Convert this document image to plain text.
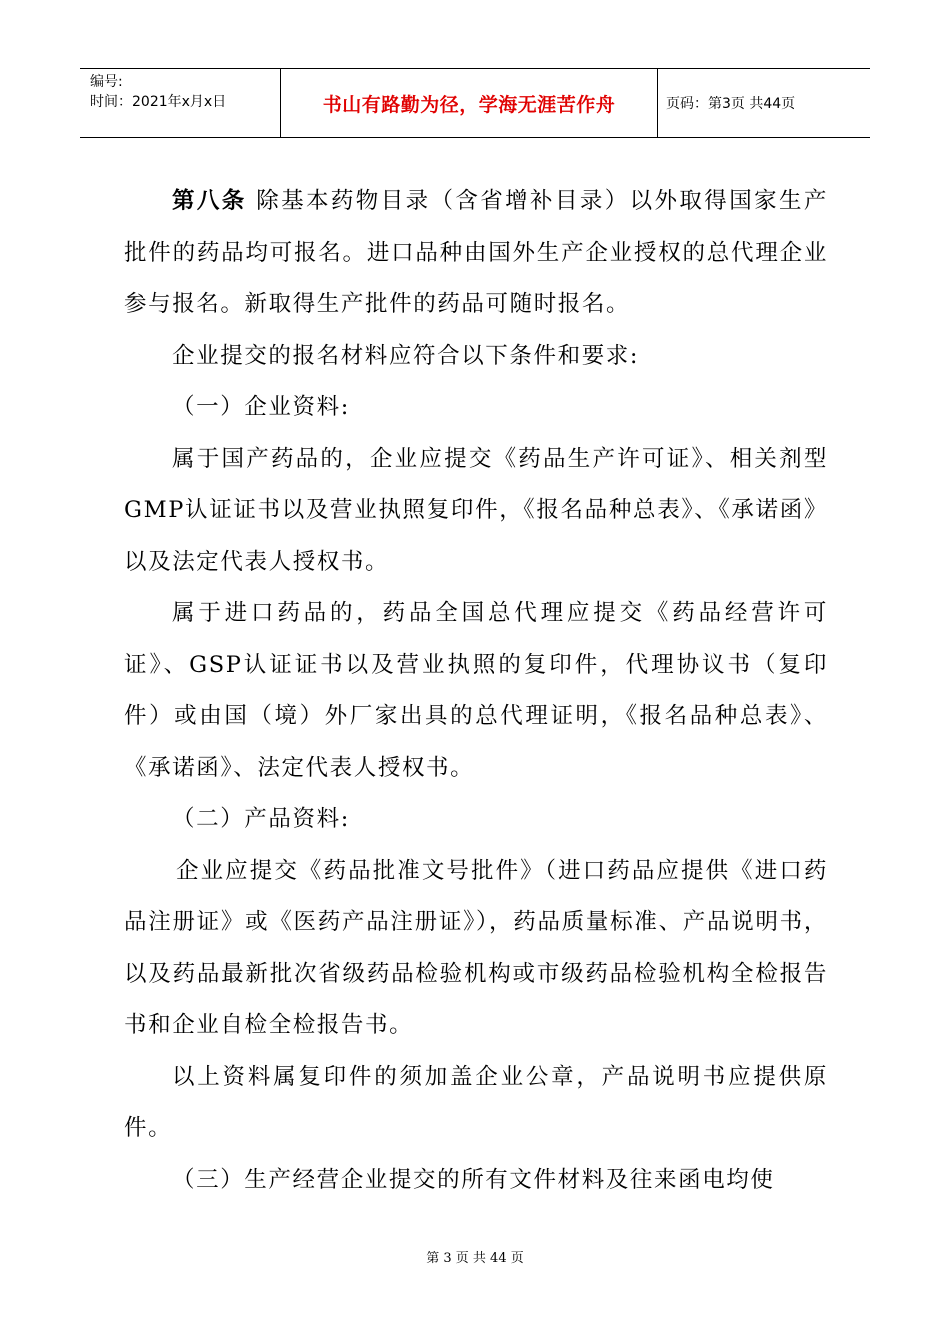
编号:
时间：2021年x月x日	书山有路勤为径，学海无涯苦作舟	页码：第3页 共44页

第八条 除基本药物目录（含省增补目录）以外取得国家生产批件的药品均可报名。进口品种由国外生产企业授权的总代理企业参与报名。新取得生产批件的药品可随时报名。

企业提交的报名材料应符合以下条件和要求:

（一）企业资料:

属于国产药品的，企业应提交《药品生产许可证》、相关剂型GMP认证证书以及营业执照复印件，《报名品种总表》、《承诺函》以及法定代表人授权书。

属于进口药品的，药品全国总代理应提交《药品经营许可证》、GSP认证证书以及营业执照的复印件，代理协议书（复印件）或由国（境）外厂家出具的总代理证明，《报名品种总表》、《承诺函》、法定代表人授权书。

（二）产品资料:

企业应提交《药品批准文号批件》（进口药品应提供《进口药品注册证》或《医药产品注册证》），药品质量标准、产品说明书，以及药品最新批次省级药品检验机构或市级药品检验机构全检报告书和企业自检全检报告书。

以上资料属复印件的须加盖企业公章，产品说明书应提供原件。

（三）生产经营企业提交的所有文件材料及往来函电均使

第 3 页 共 44 页
